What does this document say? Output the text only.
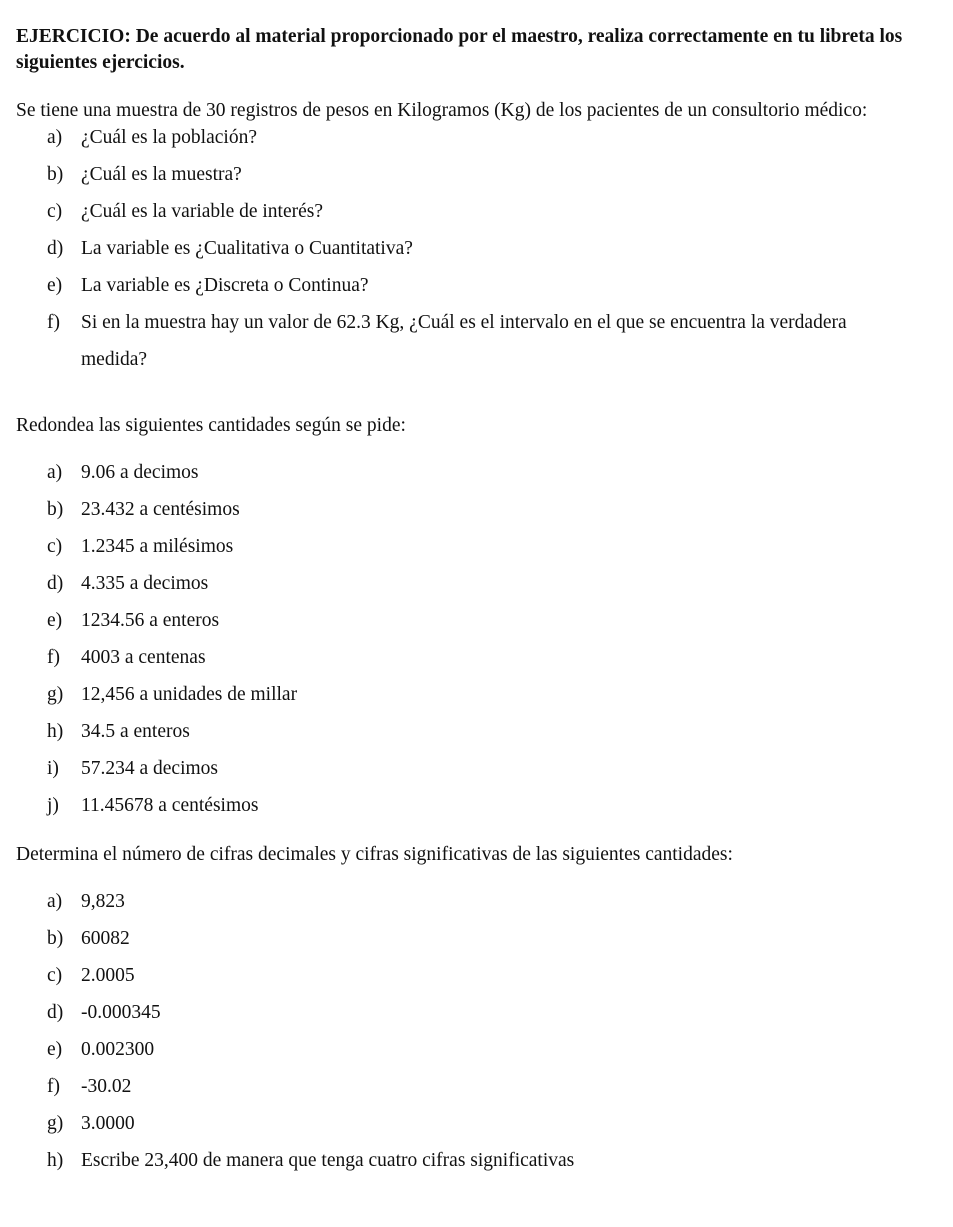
EJERCICIO: De acuerdo al material proporcionado por el maestro, realiza correctamente en tu libreta los siguientes ejercicios.

Se tiene una muestra de 30 registros de pesos en Kilogramos (Kg) de los pacientes de un consultorio médico:

a) ¿Cuál es la población?
b) ¿Cuál es la muestra?
c) ¿Cuál es la variable de interés?
d) La variable es ¿Cualitativa o Cuantitativa?
e) La variable es ¿Discreta o Continua?
f) Si en la muestra hay un valor de 62.3 Kg, ¿Cuál es el intervalo en el que se encuentra la verdadera medida?

Redondea las siguientes cantidades según se pide:

a) 9.06 a decimos
b) 23.432 a centésimos
c) 1.2345 a milésimos
d) 4.335 a decimos
e) 1234.56 a enteros
f) 4003 a centenas
g) 12,456 a unidades de millar
h) 34.5 a enteros
i) 57.234 a decimos
j) 11.45678 a centésimos

Determina el número de cifras decimales y cifras significativas de las siguientes cantidades:

a) 9,823
b) 60082
c) 2.0005
d) -0.000345
e) 0.002300
f) -30.02
g) 3.0000
h) Escribe 23,400 de manera que tenga cuatro cifras significativas
